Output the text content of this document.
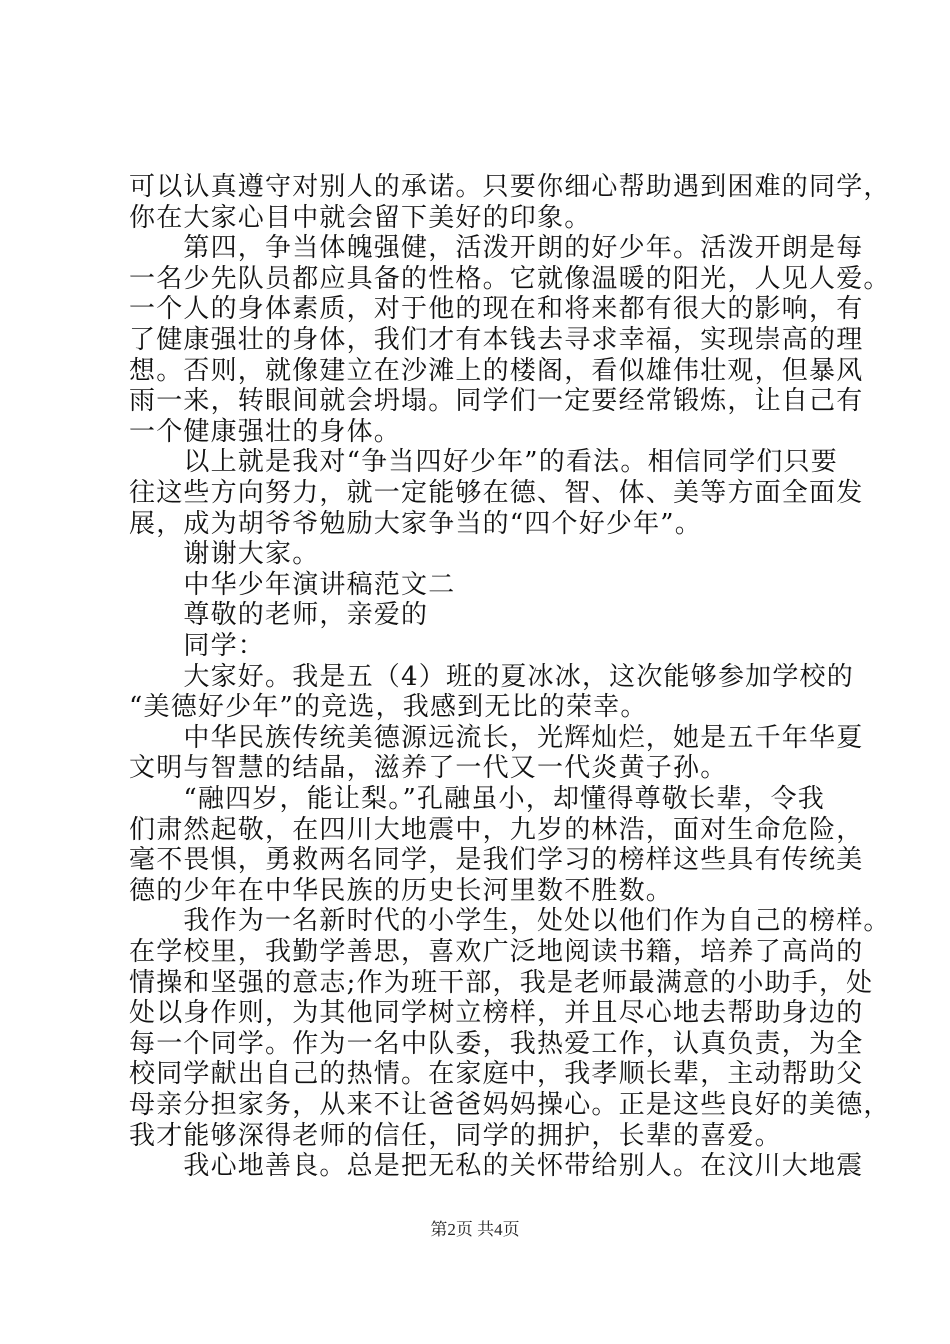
可以认真遵守对别人的承诺。只要你细心帮助遇到困难的同学，
你在大家心目中就会留下美好的印象。
　　第四，争当体魄强健，活泼开朗的好少年。活泼开朗是每
一名少先队员都应具备的性格。它就像温暖的阳光，人见人爱。
一个人的身体素质，对于他的现在和将来都有很大的影响，有
了健康强壮的身体，我们才有本钱去寻求幸福，实现崇高的理
想。否则，就像建立在沙滩上的楼阁，看似雄伟壮观，但暴风
雨一来，转眼间就会坍塌。同学们一定要经常锻炼，让自己有
一个健康强壮的身体。
　　以上就是我对“争当四好少年”的看法。相信同学们只要
往这些方向努力，就一定能够在德、智、体、美等方面全面发
展，成为胡爷爷勉励大家争当的“四个好少年”。
　　谢谢大家。
　　中华少年演讲稿范文二
　　尊敬的老师，亲爱的
　　同学：
　　大家好。我是五（4）班的夏冰冰，这次能够参加学校的
“美德好少年”的竞选，我感到无比的荣幸。
　　中华民族传统美德源远流长，光辉灿烂，她是五千年华夏
文明与智慧的结晶，滋养了一代又一代炎黄子孙。
　　“融四岁，能让梨。”孔融虽小，却懂得尊敬长辈，令我
们肃然起敬，在四川大地震中，九岁的林浩，面对生命危险，
毫不畏惧，勇救两名同学，是我们学习的榜样这些具有传统美
德的少年在中华民族的历史长河里数不胜数。
　　我作为一名新时代的小学生，处处以他们作为自己的榜样。
在学校里，我勤学善思，喜欢广泛地阅读书籍，培养了高尚的
情操和坚强的意志;作为班干部，我是老师最满意的小助手，处
处以身作则，为其他同学树立榜样，并且尽心地去帮助身边的
每一个同学。作为一名中队委，我热爱工作，认真负责，为全
校同学献出自己的热情。在家庭中，我孝顺长辈，主动帮助父
母亲分担家务，从来不让爸爸妈妈操心。正是这些良好的美德，
我才能够深得老师的信任，同学的拥护，长辈的喜爱。
　　我心地善良。总是把无私的关怀带给别人。在汶川大地震
第2页 共4页
